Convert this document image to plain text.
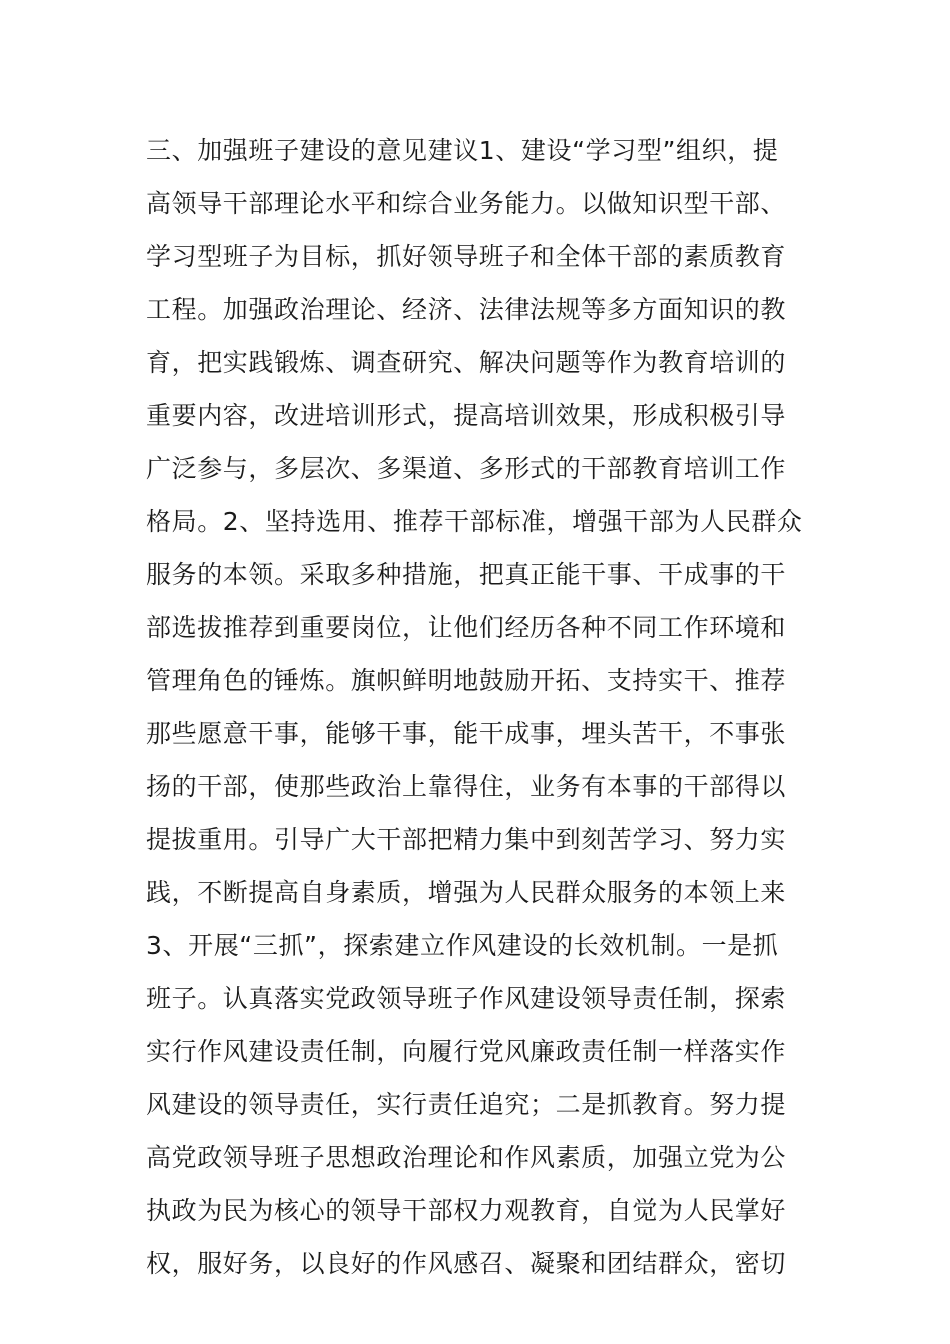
三、加强班子建设的意见建议1、建设“学习型”组织，提
高领导干部理论水平和综合业务能力。以做知识型干部、
学习型班子为目标，抓好领导班子和全体干部的素质教育
工程。加强政治理论、经济、法律法规等多方面知识的教
育，把实践锻炼、调查研究、解决问题等作为教育培训的
重要内容，改进培训形式，提高培训效果，形成积极引导
广泛参与，多层次、多渠道、多形式的干部教育培训工作
格局。2、坚持选用、推荐干部标准，增强干部为人民群众
服务的本领。采取多种措施，把真正能干事、干成事的干
部选拔推荐到重要岗位，让他们经历各种不同工作环境和
管理角色的锤炼。旗帜鲜明地鼓励开拓、支持实干、推荐
那些愿意干事，能够干事，能干成事，埋头苦干，不事张
扬的干部，使那些政治上靠得住，业务有本事的干部得以
提拔重用。引导广大干部把精力集中到刻苦学习、努力实
践，不断提高自身素质，增强为人民群众服务的本领上来
3、开展“三抓”，探索建立作风建设的长效机制。一是抓
班子。认真落实党政领导班子作风建设领导责任制，探索
实行作风建设责任制，向履行党风廉政责任制一样落实作
风建设的领导责任，实行责任追究；二是抓教育。努力提
高党政领导班子思想政治理论和作风素质，加强立党为公
执政为民为核心的领导干部权力观教育，自觉为人民掌好
权，服好务，以良好的作风感召、凝聚和团结群众，密切
